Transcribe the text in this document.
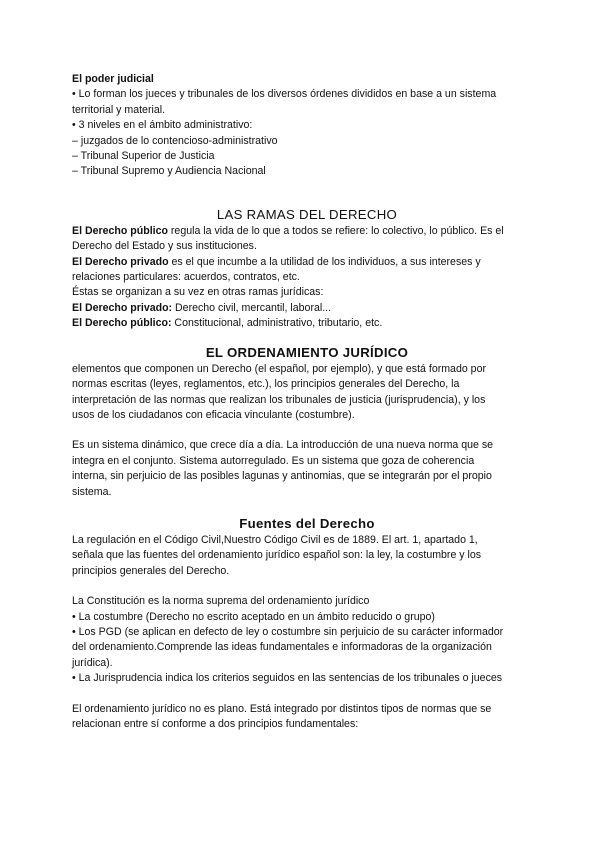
El poder judicial
• Lo forman los jueces y tribunales de los diversos órdenes divididos en base a un sistema
territorial y material.
• 3 niveles en el ámbito administrativo:
– juzgados de lo contencioso-administrativo
– Tribunal Superior de Justicia
– Tribunal Supremo y Audiencia Nacional
LAS RAMAS DEL DERECHO
El Derecho público regula la vida de lo que a todos se refiere: lo colectivo, lo público. Es el
Derecho del Estado y sus instituciones.
El Derecho privado es el que incumbe a la utilidad de los individuos, a sus intereses y
relaciones particulares: acuerdos, contratos, etc.
Éstas se organizan a su vez en otras ramas jurídicas:
El Derecho privado: Derecho civil, mercantil, laboral...
El Derecho público: Constitucional, administrativo, tributario, etc.
EL ORDENAMIENTO JURÍDICO
elementos que componen un Derecho (el español, por ejemplo), y que está formado por
normas escritas (leyes, reglamentos, etc.), los principios generales del Derecho, la
interpretación de las normas que realizan los tribunales de justicia (jurisprudencia), y los
usos de los ciudadanos con eficacia vinculante (costumbre).
Es un sistema dinámico, que crece día a día. La introducción de una nueva norma que se
integra en el conjunto. Sistema autorregulado. Es un sistema que goza de coherencia
interna, sin perjuicio de las posibles lagunas y antinomias, que se integrarán por el propio
sistema.
Fuentes del Derecho
La regulación en el Código Civil,Nuestro Código Civil es de 1889. El art. 1, apartado 1,
señala que las fuentes del ordenamiento jurídico español son: la ley, la costumbre y los
principios generales del Derecho.
La Constitución es la norma suprema del ordenamiento jurídico
• La costumbre (Derecho no escrito aceptado en un ámbito reducido o grupo)
• Los PGD (se aplican en defecto de ley o costumbre sin perjuicio de su carácter informador
del ordenamiento.Comprende las ideas fundamentales e informadoras de la organización
jurídica).
• La Jurisprudencia indica los criterios seguidos en las sentencias de los tribunales o jueces
El ordenamiento jurídico no es plano. Está integrado por distintos tipos de normas que se
relacionan entre sí conforme a dos principios fundamentales:
